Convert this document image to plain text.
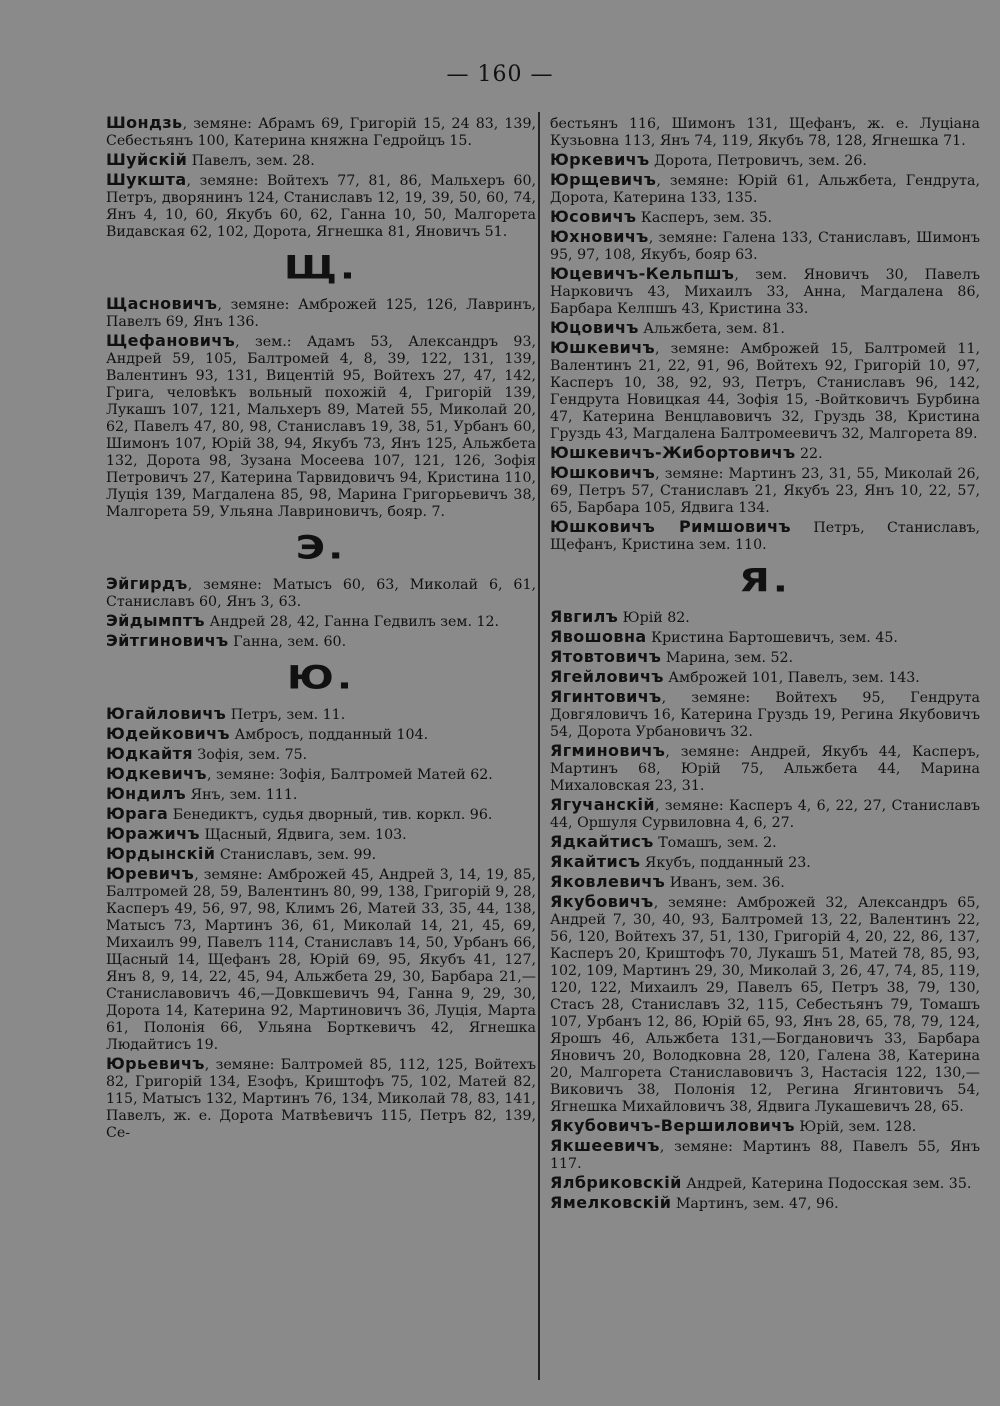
— 160 —
Шондзь, земяне: Абрамъ 69, Григорій 15, 24 83, 139, Себестьянъ 100, Катерина княжна Гедройцъ 15.
Шуйскій Павелъ, зем. 28.
Шукшта, земяне: Войтехъ 77, 81, 86, Мальхеръ 60, Петръ, дворянинъ 124, Станиславъ 12, 19, 39, 50, 60, 74, Янъ 4, 10, 60, Якубъ 60, 62, Ганна 10, 50, Малгорета Видавская 62, 102, Дорота, Ягнешка 81, Яновичъ 51.
Щ.
Щасновичъ, земяне: Амброжей 125, 126, Лавринъ, Павелъ 69, Янъ 136.
Щефановичъ, зем.: Адамъ 53, Александръ 93, Андрей 59, 105, Балтромей 4, 8, 39, 122, 131, 139, Валентинъ 93, 131, Вицентій 95, Войтехъ 27, 47, 142, Грига, человѣкъ вольный похожій 4, Григорій 139, Лукашъ 107, 121, Мальхеръ 89, Матей 55, Миколай 20, 62, Павелъ 47, 80, 98, Станиславъ 19, 38, 51, Урбанъ 60, Шимонъ 107, Юрій 38, 94, Якубъ 73, Янъ 125, Альжбета 132, Дорота 98, Зузана Мосеева 107, 121, 126, Зофія Петровичъ 27, Катерина Тарвидовичъ 94, Кристина 110, Луція 139, Магдалена 85, 98, Марина Григорьевичъ 38, Малгорета 59, Ульяна Лавриновичъ, бояр. 7.
Э.
Эйгирдъ, земяне: Матысъ 60, 63, Миколай 6, 61, Станиславъ 60, Янъ 3, 63.
Эйдымптъ Андрей 28, 42, Ганна Гедвилъ зем. 12.
Эйтгиновичъ Ганна, зем. 60.
Ю.
Югайловичъ Петръ, зем. 11.
Юдейковичъ Амбросъ, подданный 104.
Юдкайтя Зофія, зем. 75.
Юдкевичъ, земяне: Зофія, Балтромей Матей 62.
Юндилъ Янъ, зем. 111.
Юрага Бенедиктъ, судья дворный, тив. коркл. 96.
Юражичъ Щасный, Ядвига, зем. 103.
Юрдынскій Станиславъ, зем. 99.
Юревичъ, земяне: Амброжей 45, Андрей 3, 14, 19, 85, Балтромей 28, 59, Валентинъ 80, 99, 138, Григорій 9, 28, Касперъ 49, 56, 97, 98, Климъ 26, Матей 33, 35, 44, 138, Матысъ 73, Мартинъ 36, 61, Миколай 14, 21, 45, 69, Михаилъ 99, Павелъ 114, Станиславъ 14, 50, Урбанъ 66, Щасный 14, Щефанъ 28, Юрій 69, 95, Якубъ 41, 127, Янъ 8, 9, 14, 22, 45, 94, Альжбета 29, 30, Барбара 21,—Станиславовичъ 46,—Довкшевичъ 94, Ганна 9, 29, 30, Дорота 14, Катерина 92, Мартиновичъ 36, Луція, Марта 61, Полонія 66, Ульяна Борткевичъ 42, Ягнешка Людайтисъ 19.
Юрьевичъ, земяне: Балтромей 85, 112, 125, Войтехъ 82, Григорій 134, Езофъ, Криштофъ 75, 102, Матей 82, 115, Матысъ 132, Мартинъ 76, 134, Миколай 78, 83, 141, Павелъ, ж. е. Дорота Матвѣевичъ 115, Петръ 82, 139, Се-
бестьянъ 116, Шимонъ 131, Щефанъ, ж. е. Луціана Кузьовна 113, Янъ 74, 119, Якубъ 78, 128, Ягнешка 71.
Юркевичъ Дорота, Петровичъ, зем. 26.
Юрщевичъ, земяне: Юрій 61, Альжбета, Гендрута, Дорота, Катерина 133, 135.
Юсовичъ Касперъ, зем. 35.
Юхновичъ, земяне: Галена 133, Станиславъ, Шимонъ 95, 97, 108, Якубъ, бояр 63.
Юцевичъ-Кельпшъ, зем. Яновичъ 30, Павелъ Нарковичъ 43, Михаилъ 33, Анна, Магдалена 86, Барбара Келпшъ 43, Кристина 33.
Юцовичъ Альжбета, зем. 81.
Юшкевичъ, земяне: Амброжей 15, Балтромей 11, Валентинъ 21, 22, 91, 96, Войтехъ 92, Григорій 10, 97, Касперъ 10, 38, 92, 93, Петръ, Станиславъ 96, 142, Гендрута Новицкая 44, Зофія 15, -Войтковичъ Бурбина 47, Катерина Венцлавовичъ 32, Груздь 38, Кристина Груздь 43, Магдалена Балтромеевичъ 32, Малгорета 89.
Юшкевичъ-Жибортовичъ 22.
Юшковичъ, земяне: Мартинъ 23, 31, 55, Миколай 26, 69, Петръ 57, Станиславъ 21, Якубъ 23, Янъ 10, 22, 57, 65, Барбара 105, Ядвига 134.
Юшковичъ Римшовичъ Петръ, Станиславъ, Щефанъ, Кристина зем. 110.
Я.
Явгилъ Юрій 82.
Явошовна Кристина Бартошевичъ, зем. 45.
Ятовтовичъ Марина, зем. 52.
Ягейловичъ Амброжей 101, Павелъ, зем. 143.
Ягинтовичъ, земяне: Войтехъ 95, Гендрута Довгяловичъ 16, Катерина Груздь 19, Регина Якубовичъ 54, Дорота Урбановичъ 32.
Ягминовичъ, земяне: Андрей, Якубъ 44, Касперъ, Мартинъ 68, Юрій 75, Альжбета 44, Марина Михаловская 23, 31.
Ягучанскій, земяне: Касперъ 4, 6, 22, 27, Станиславъ 44, Оршуля Сурвиловна 4, 6, 27.
Ядкайтисъ Томашъ, зем. 2.
Якайтисъ Якубъ, подданный 23.
Яковлевичъ Иванъ, зем. 36.
Якубовичъ, земяне: Амброжей 32, Александръ 65, Андрей 7, 30, 40, 93, Балтромей 13, 22, Валентинъ 22, 56, 120, Войтехъ 37, 51, 130, Григорій 4, 20, 22, 86, 137, Касперъ 20, Криштофъ 70, Лукашъ 51, Матей 78, 85, 93, 102, 109, Мартинъ 29, 30, Миколай 3, 26, 47, 74, 85, 119, 120, 122, Михаилъ 29, Павелъ 65, Петръ 38, 79, 130, Стасъ 28, Станиславъ 32, 115, Себестьянъ 79, Томашъ 107, Урбанъ 12, 86, Юрій 65, 93, Янъ 28, 65, 78, 79, 124, Ярошъ 46, Альжбета 131,—Богдановичъ 33, Барбара Яновичъ 20, Володковна 28, 120, Галена 38, Катерина 20, Малгорета Станиславовичъ 3, Настасія 122, 130,—Виковичъ 38, Полонія 12, Регина Ягинтовичъ 54, Ягнешка Михайловичъ 38, Ядвига Лукашевичъ 28, 65.
Якубовичъ-Вершиловичъ Юрій, зем. 128.
Якшеевичъ, земяне: Мартинъ 88, Павелъ 55, Янъ 117.
Ялбриковскій Андрей, Катерина Подосская зем. 35.
Ямелковскій Мартинъ, зем. 47, 96.
